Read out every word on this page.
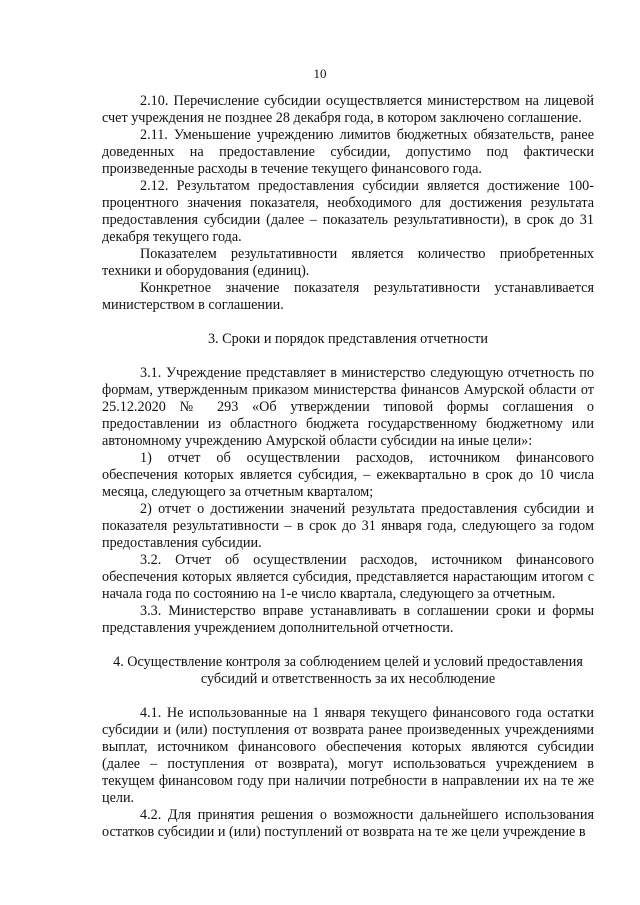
10

2.10. Перечисление субсидии осуществляется министерством на лицевой счет учреждения не позднее 28 декабря года, в котором заключено соглашение.

2.11. Уменьшение учреждению лимитов бюджетных обязательств, ранее доведенных на предоставление субсидии, допустимо под фактически произведенные расходы в течение текущего финансового года.

2.12. Результатом предоставления субсидии является достижение 100-процентного значения показателя, необходимого для достижения результата предоставления субсидии (далее – показатель результативности), в срок до 31 декабря текущего года.

Показателем результативности является количество приобретенных техники и оборудования (единиц).

Конкретное значение показателя результативности устанавливается министерством в соглашении.

3. Сроки и порядок представления отчетности

3.1. Учреждение представляет в министерство следующую отчетность по формам, утвержденным приказом министерства финансов Амурской области от 25.12.2020 № 293 «Об утверждении типовой формы соглашения о предоставлении из областного бюджета государственному бюджетному или автономному учреждению Амурской области субсидии на иные цели»:

1) отчет об осуществлении расходов, источником финансового обеспечения которых является субсидия, – ежеквартально в срок до 10 числа месяца, следующего за отчетным кварталом;

2) отчет о достижении значений результата предоставления субсидии и показателя результативности – в срок до 31 января года, следующего за годом предоставления субсидии.

3.2. Отчет об осуществлении расходов, источником финансового обеспечения которых является субсидия, представляется нарастающим итогом с начала года по состоянию на 1-е число квартала, следующего за отчетным.

3.3. Министерство вправе устанавливать в соглашении сроки и формы представления учреждением дополнительной отчетности.

4. Осуществление контроля за соблюдением целей и условий предоставления

субсидий и ответственность за их несоблюдение

4.1. Не использованные на 1 января текущего финансового года остатки субсидии и (или) поступления от возврата ранее произведенных учреждениями выплат, источником финансового обеспечения которых являются субсидии (далее – поступления от возврата), могут использоваться учреждением в текущем финансовом году при наличии потребности в направлении их на те же цели.

4.2. Для принятия решения о возможности дальнейшего использования остатков субсидии и (или) поступлений от возврата на те же цели учреждение в
